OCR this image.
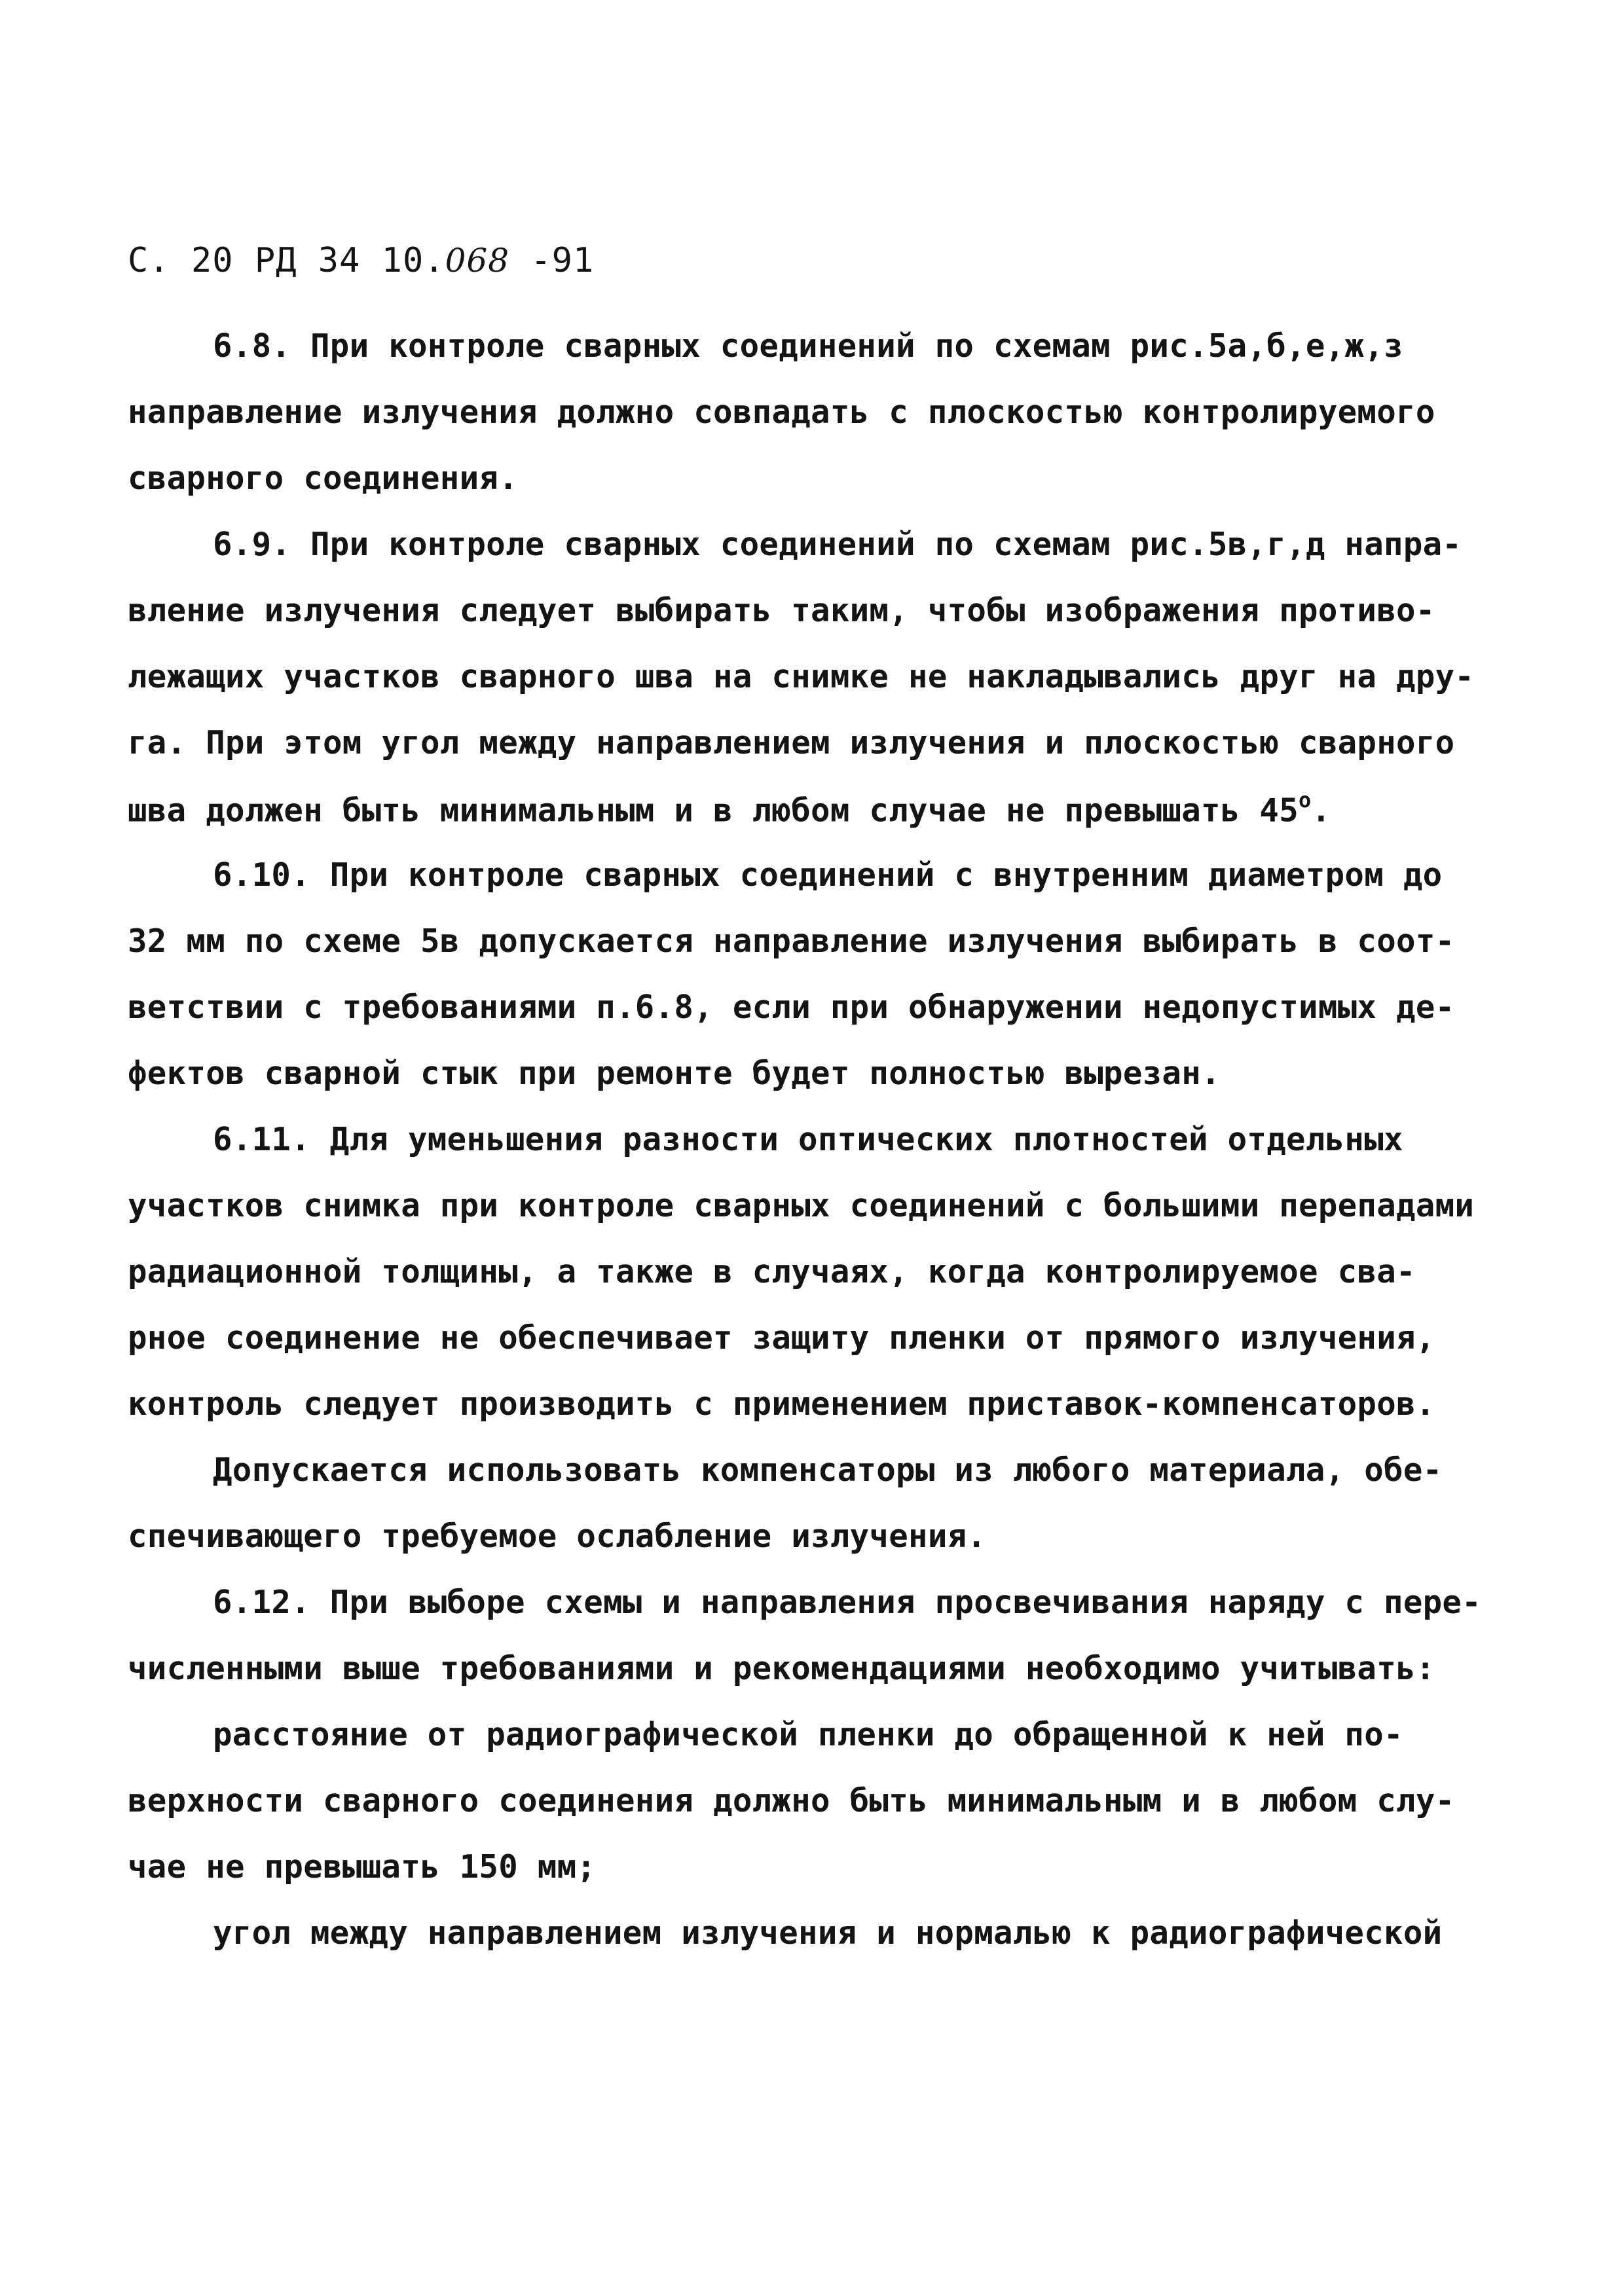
С. 20 РД 34 10.068 -91
6.8. При контроле сварных соединений по схемам рис.5а,б,е,ж,з
направление излучения должно совпадать с плоскостью контролируемого
сварного соединения.
6.9. При контроле сварных соединений по схемам рис.5в,г,д напра-
вление излучения следует выбирать таким, чтобы изображения противо-
лежащих участков сварного шва на снимке не накладывались друг на дру-
га. При этом угол между направлением излучения и плоскостью сварного
шва должен быть минимальным и в любом случае не превышать $45^о$.
6.10. При контроле сварных соединений с внутренним диаметром до
32 мм по схеме 5в допускается направление излучения выбирать в соот-
ветствии с требованиями п.6.8, если при обнаружении недопустимых де-
фектов сварной стык при ремонте будет полностью вырезан.
6.11. Для уменьшения разности оптических плотностей отдельных
участков снимка при контроле сварных соединений с большими перепадами
радиационной толщины, а также в случаях, когда контролируемое сва-
рное соединение не обеспечивает защиту пленки от прямого излучения,
контроль следует производить с применением приставок-компенсаторов.
Допускается использовать компенсаторы из любого материала, обе-
спечивающего требуемое ослабление излучения.
6.12. При выборе схемы и направления просвечивания наряду с пере-
численными выше требованиями и рекомендациями необходимо учитывать:
расстояние от радиографической пленки до обращенной к ней по-
верхности сварного соединения должно быть минимальным и в любом слу-
чае не превышать 150 мм;
угол между направлением излучения и нормалью к радиографической
